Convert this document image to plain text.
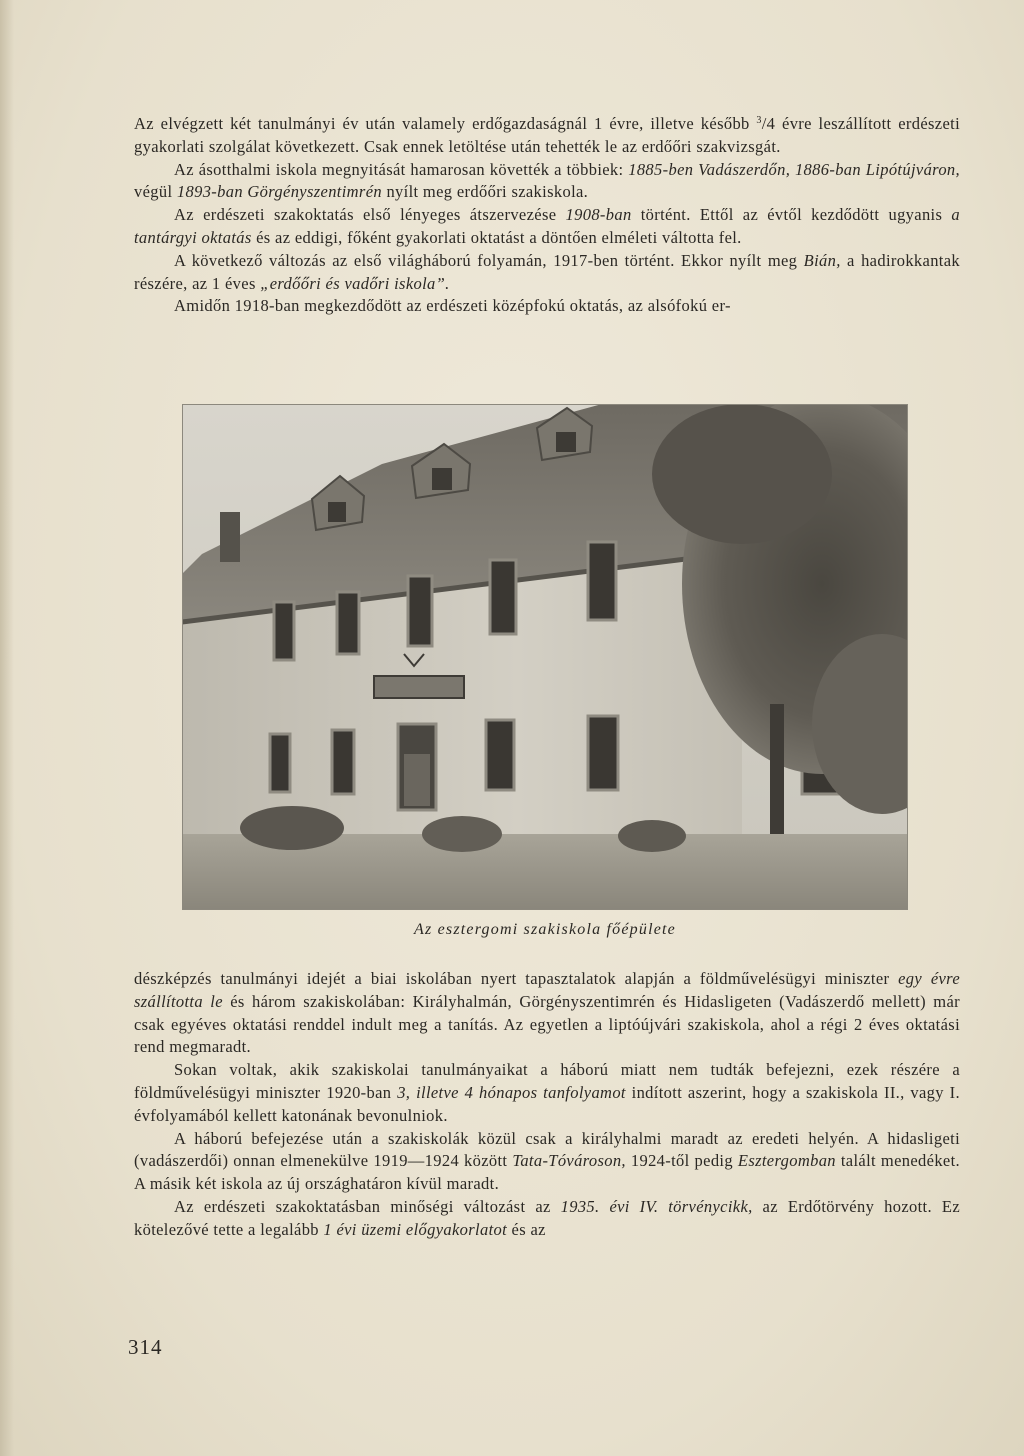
Az elvégzett két tanulmányi év után valamely erdőgazdaságnál 1 évre, illetve később $^3$/4 évre leszállított erdészeti gyakorlati szolgálat következett. Csak ennek letöltése után tehették le az erdőőri szakvizsgát.

Az ásotthalmi iskola megnyitását hamarosan követték a többiek: 1885-ben Vadászerdőn, 1886-ban Lipótújváron, végül 1893-ban Görgényszentimrén nyílt meg erdőőri szakiskola.

Az erdészeti szakoktatás első lényeges átszervezése 1908-ban történt. Ettől az évtől kezdődött ugyanis a tantárgyi oktatás és az eddigi, főként gyakorlati oktatást a döntően elméleti váltotta fel.

A következő változás az első világháború folyamán, 1917-ben történt. Ekkor nyílt meg Bián, a hadirokkantak részére, az 1 éves „erdőőri és vadőri iskola”.

Amidőn 1918-ban megkezdődött az erdészeti középfokú oktatás, az alsófokú er-

Az esztergomi szakiskola főépülete

dészképzés tanulmányi idejét a biai iskolában nyert tapasztalatok alapján a földművelésügyi miniszter egy évre szállította le és három szakiskolában: Királyhalmán, Görgényszentimrén és Hidasligeten (Vadászerdő mellett) már csak egyéves oktatási renddel indult meg a tanítás. Az egyetlen a liptóújvári szakiskola, ahol a régi 2 éves oktatási rend megmaradt.

Sokan voltak, akik szakiskolai tanulmányaikat a háború miatt nem tudták befejezni, ezek részére a földművelésügyi miniszter 1920-ban 3, illetve 4 hónapos tanfolyamot indított aszerint, hogy a szakiskola II., vagy I. évfolyamából kellett katonának bevonulniok.

A háború befejezése után a szakiskolák közül csak a királyhalmi maradt az eredeti helyén. A hidasligeti (vadászerdői) onnan elmenekülve 1919—1924 között Tata-Tóvároson, 1924-től pedig Esztergomban talált menedéket. A másik két iskola az új országhatáron kívül maradt.

Az erdészeti szakoktatásban minőségi változást az 1935. évi IV. törvénycikk, az Erdőtörvény hozott. Ez kötelezővé tette a legalább 1 évi üzemi előgyakorlatot és az

314
